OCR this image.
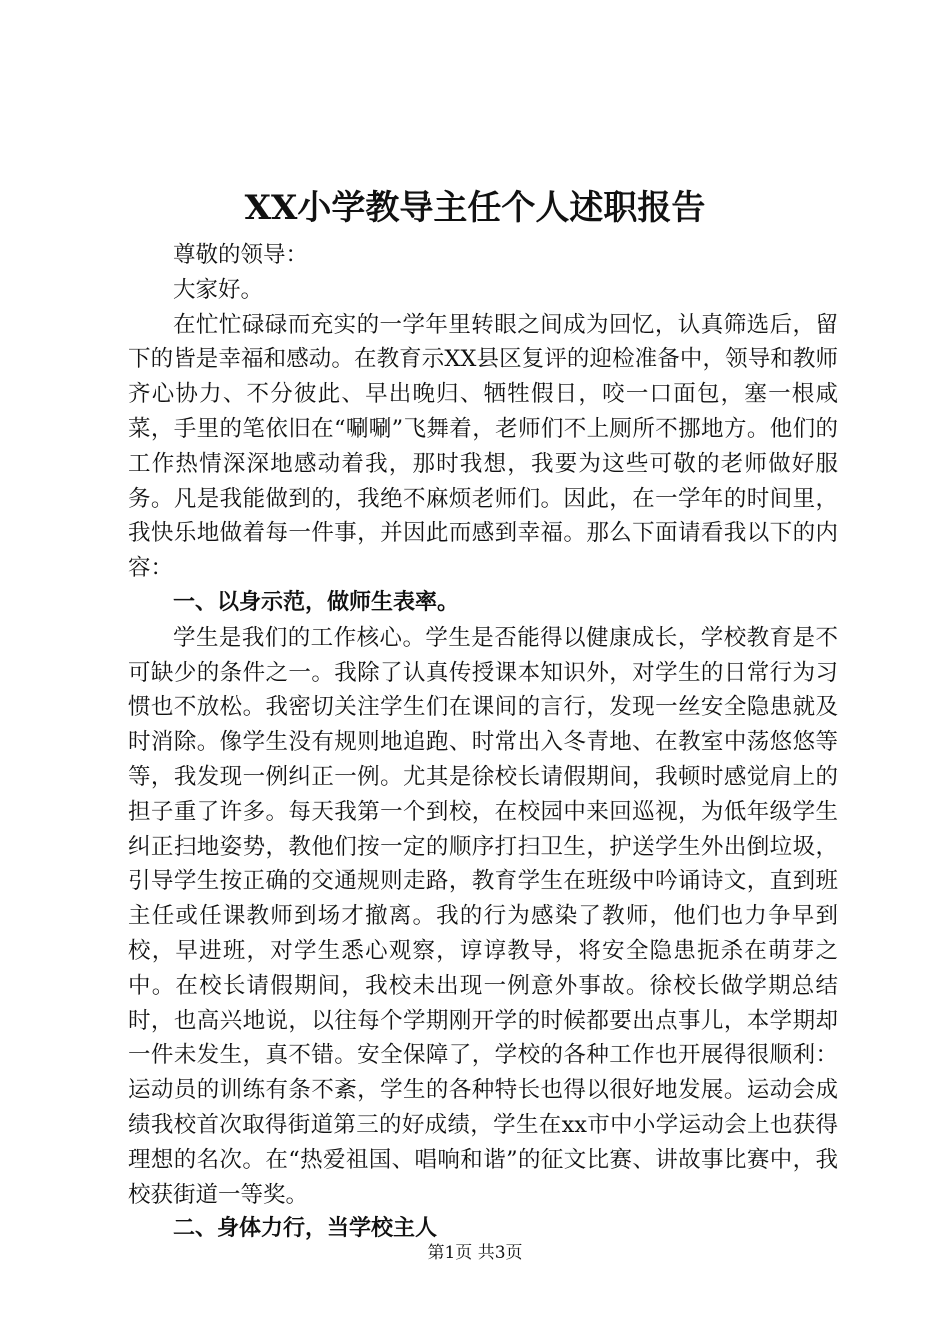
XX小学教导主任个人述职报告

尊敬的领导：

大家好。

在忙忙碌碌而充实的一学年里转眼之间成为回忆，认真筛选后，留下的皆是幸福和感动。在教育示XX县区复评的迎检准备中，领导和教师齐心协力、不分彼此、早出晚归、牺牲假日，咬一口面包，塞一根咸菜，手里的笔依旧在“唰唰”飞舞着，老师们不上厕所不挪地方。他们的工作热情深深地感动着我，那时我想，我要为这些可敬的老师做好服务。凡是我能做到的，我绝不麻烦老师们。因此，在一学年的时间里，我快乐地做着每一件事，并因此而感到幸福。那么下面请看我以下的内容：

一、以身示范，做师生表率。

学生是我们的工作核心。学生是否能得以健康成长，学校教育是不可缺少的条件之一。我除了认真传授课本知识外，对学生的日常行为习惯也不放松。我密切关注学生们在课间的言行，发现一丝安全隐患就及时消除。像学生没有规则地追跑、时常出入冬青地、在教室中荡悠悠等等，我发现一例纠正一例。尤其是徐校长请假期间，我顿时感觉肩上的担子重了许多。每天我第一个到校，在校园中来回巡视，为低年级学生纠正扫地姿势，教他们按一定的顺序打扫卫生，护送学生外出倒垃圾，引导学生按正确的交通规则走路，教育学生在班级中吟诵诗文，直到班主任或任课教师到场才撤离。我的行为感染了教师，他们也力争早到校，早进班，对学生悉心观察，谆谆教导，将安全隐患扼杀在萌芽之中。在校长请假期间，我校未出现一例意外事故。徐校长做学期总结时，也高兴地说，以往每个学期刚开学的时候都要出点事儿，本学期却一件未发生，真不错。安全保障了，学校的各种工作也开展得很顺利：运动员的训练有条不紊，学生的各种特长也得以很好地发展。运动会成绩我校首次取得街道第三的好成绩，学生在xx市中小学运动会上也获得理想的名次。在“热爱祖国、唱响和谐”的征文比赛、讲故事比赛中，我校获街道一等奖。

二、身体力行，当学校主人

第1页 共3页
